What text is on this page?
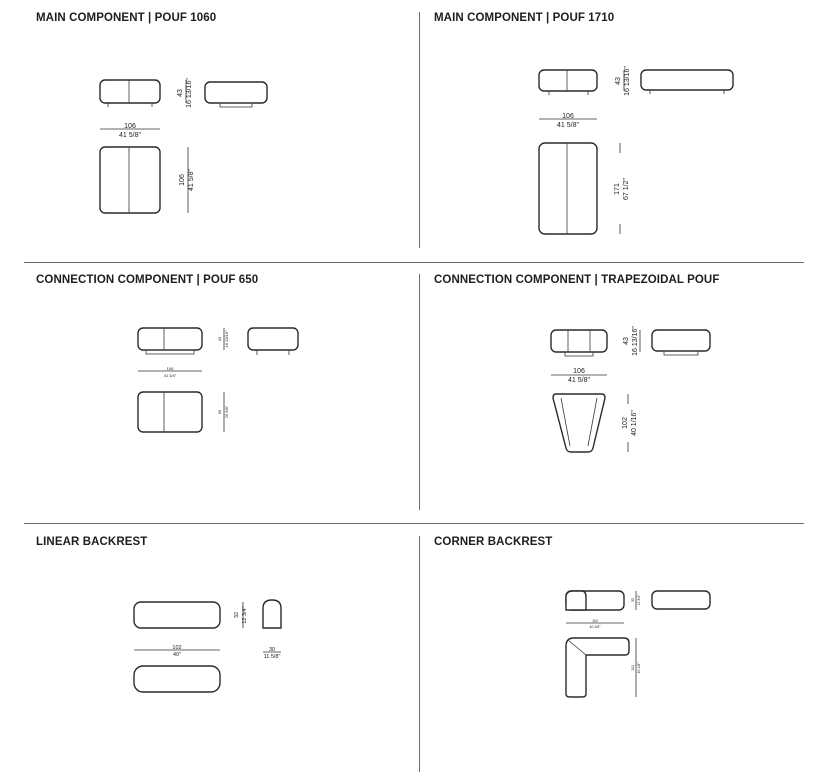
MAIN COMPONENT | POUF 1060	MAIN COMPONENT | POUF 1710
CONNECTION COMPONENT | POUF 650	CONNECTION COMPONENT | TRAPEZOIDAL POUF
LINEAR BACKREST	CORNER BACKREST
43 16 13/16"
106
41 5/8"
106 41 5/8"
43 16 13/16"
106
41 5/8"
171 67 1/2"
43 16 13/16"
106
41 3/4"
65 25 5/8"
43 16 13/16"
106
41 5/8"
102 40 1/16"
32 12 3/4"
102
40"
30
11 5/8"
32 12 3/4"
102
40 1/8"
102 40 1/8"
